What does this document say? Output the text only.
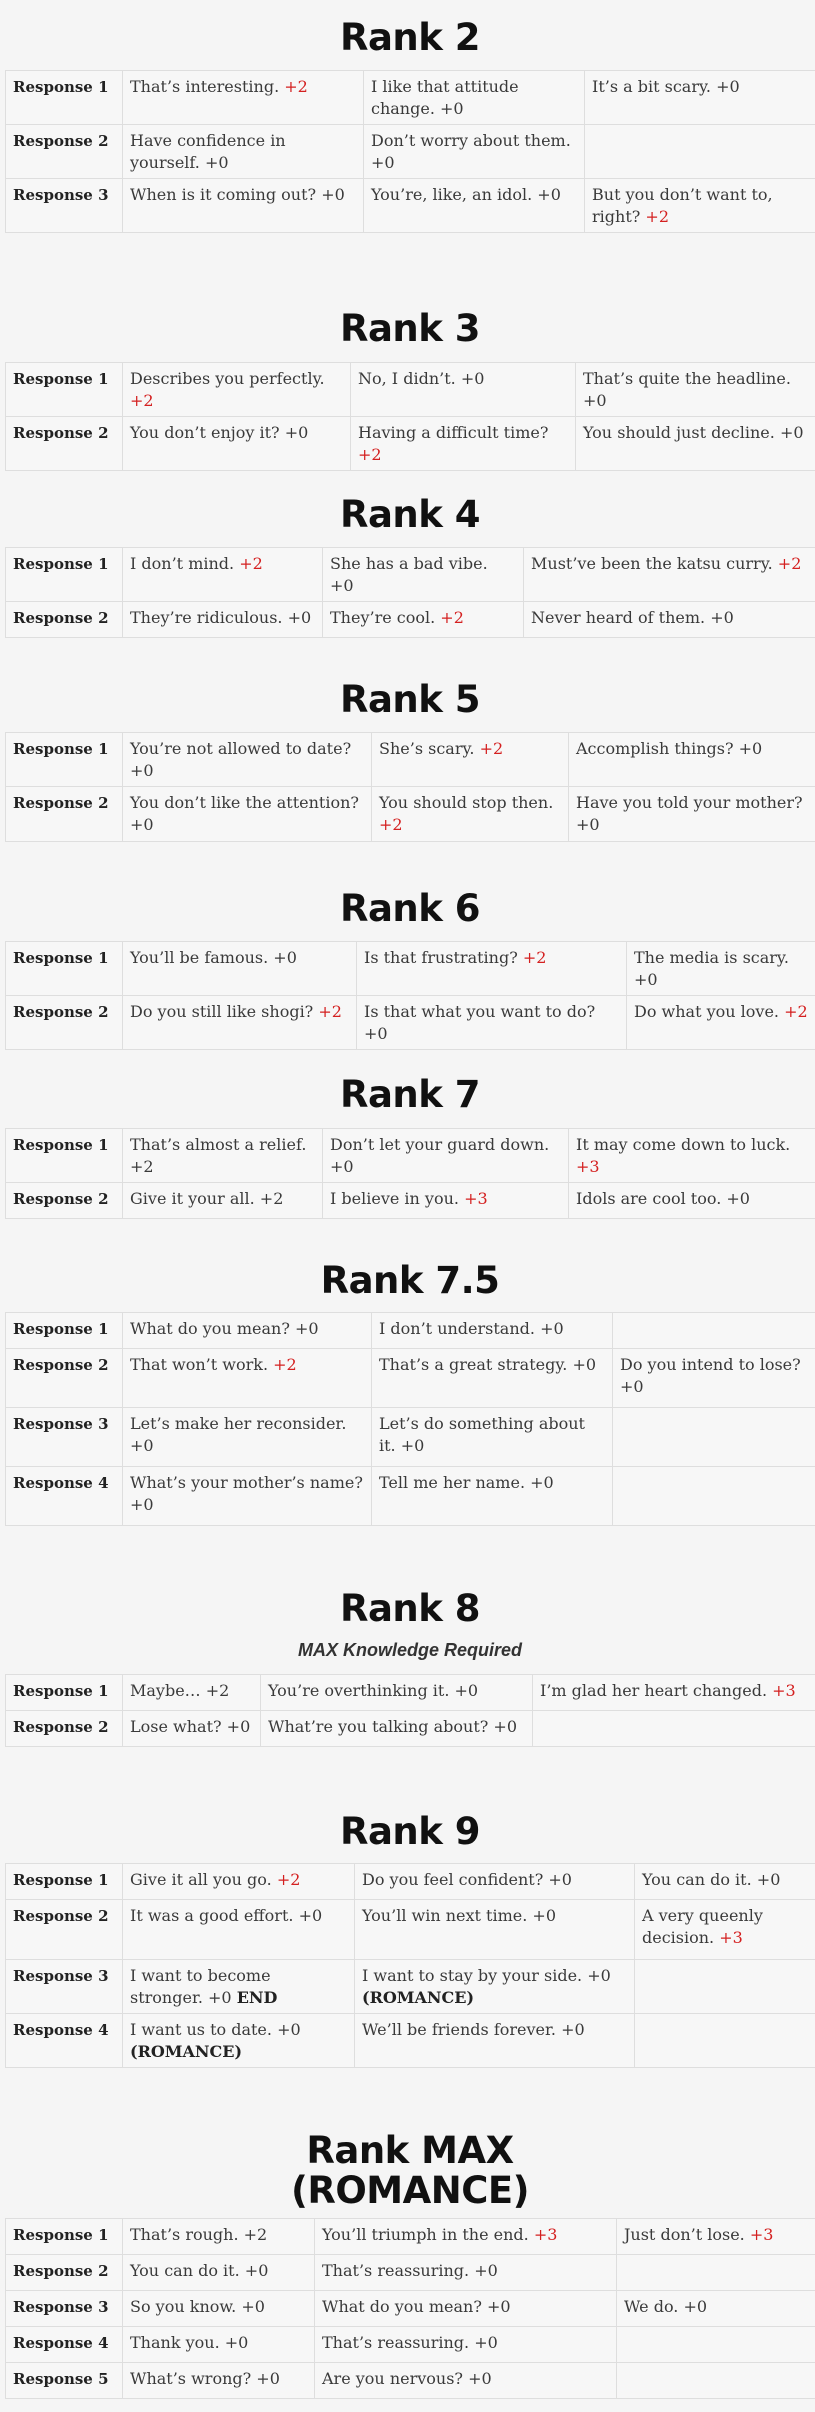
Rank 2
Response 1	That’s interesting. +2	I like that attitude change. +0	It’s a bit scary. +0
Response 2	Have confidence in yourself. +0	Don’t worry about them. +0	
Response 3	When is it coming out? +0	You’re, like, an idol. +0	But you don’t want to, right? +2
Rank 3
Response 1	Describes you perfectly. +2	No, I didn’t. +0	That’s quite the headline. +0
Response 2	You don’t enjoy it? +0	Having a difficult time? +2	You should just decline. +0
Rank 4
Response 1	I don’t mind. +2	She has a bad vibe. +0	Must’ve been the katsu curry. +2
Response 2	They’re ridiculous. +0	They’re cool. +2	Never heard of them. +0
Rank 5
Response 1	You’re not allowed to date? +0	She’s scary. +2	Accomplish things? +0
Response 2	You don’t like the attention? +0	You should stop then. +2	Have you told your mother? +0
Rank 6
Response 1	You’ll be famous. +0	Is that frustrating? +2	The media is scary. +0
Response 2	Do you still like shogi? +2	Is that what you want to do? +0	Do what you love. +2
Rank 7
Response 1	That’s almost a relief. +2	Don’t let your guard down. +0	It may come down to luck. +3
Response 2	Give it your all. +2	I believe in you. +3	Idols are cool too. +0
Rank 7.5
Response 1	What do you mean? +0	I don’t understand. +0	
Response 2	That won’t work. +2	That’s a great strategy. +0	Do you intend to lose? +0
Response 3	Let’s make her reconsider. +0	Let’s do something about it. +0	
Response 4	What’s your mother’s name? +0	Tell me her name. +0	
Rank 8
MAX Knowledge Required
Response 1	Maybe… +2	You’re overthinking it. +0	I’m glad her heart changed. +3
Response 2	Lose what? +0	What’re you talking about? +0	
Rank 9
Response 1	Give it all you go. +2	Do you feel confident? +0	You can do it. +0
Response 2	It was a good effort. +0	You’ll win next time. +0	A very queenly decision. +3
Response 3	I want to become stronger. +0 END	I want to stay by your side. +0 (ROMANCE)	
Response 4	I want us to date. +0 (ROMANCE)	We’ll be friends forever. +0	
Rank MAX (ROMANCE)
Response 1	That’s rough. +2	You’ll triumph in the end. +3	Just don’t lose. +3
Response 2	You can do it. +0	That’s reassuring. +0	
Response 3	So you know. +0	What do you mean? +0	We do. +0
Response 4	Thank you. +0	That’s reassuring. +0	
Response 5	What’s wrong? +0	Are you nervous? +0	
